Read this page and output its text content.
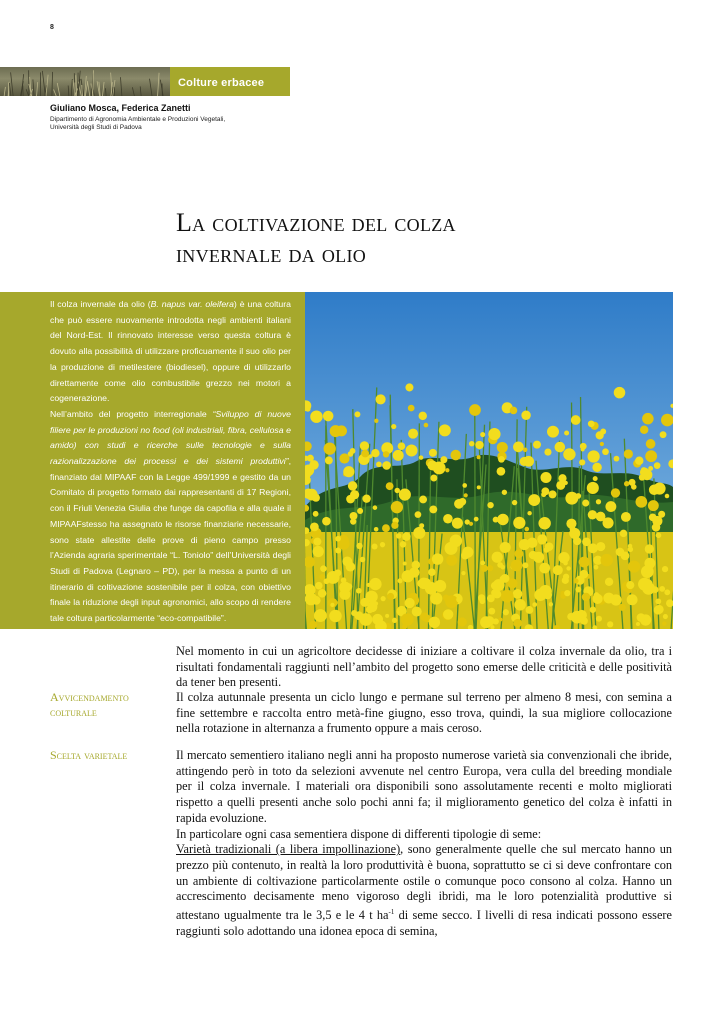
8
Colture erbacee
Giuliano Mosca, Federica Zanetti
Dipartimento di Agronomia Ambientale e Produzioni Vegetali,
Università degli Studi di Padova
La coltivazione del colza
invernale da olio

Il colza invernale da olio (B. napus var. oleifera) è una coltura che può essere nuovamente introdotta negli ambienti italiani del Nord-Est. Il rinnovato interesse verso questa coltura è dovuto alla possibilità di utilizzare proficuamente il suo olio per la produzione di metilestere (biodiesel), oppure di utilizzarlo direttamente come olio combustibile grezzo nei motori a cogenerazione.

Nell’ambito del progetto interregionale “Sviluppo di nuove filiere per le produzioni no food (oli industriali, fibra, cellulosa e amido) con studi e ricerche sulle tecnologie e sulla razionalizzazione dei processi e dei sistemi produttivi”, finanziato dal MIPAAF con la Legge 499/1999 e gestito da un Comitato di progetto formato dai rappresentanti di 17 Regioni, con il Friuli Venezia Giulia che funge da capofila e alla quale il MIPAAFstesso ha assegnato le risorse finanziarie necessarie, sono state allestite delle prove di pieno campo presso l’Azienda agraria sperimentale “L. Toniolo” dell’Università degli Studi di Padova (Legnaro – PD), per la messa a punto di un itinerario di coltivazione sostenibile per il colza, con obiettivo finale la riduzione degli input agronomici, allo scopo di rendere tale coltura particolarmente “eco-compatibile”.

Nel momento in cui un agricoltore decidesse di iniziare a coltivare il colza invernale da olio, tra i risultati fondamentali raggiunti nell’ambito del progetto sono emerse delle criticità e delle positività da tener ben presenti.

Avvicendamento
colturale

Il colza autunnale presenta un ciclo lungo e permane sul terreno per almeno 8 mesi, con semina a fine settembre e raccolta entro metà-fine giugno, esso trova, quindi, la sua migliore collocazione nella rotazione in alternanza a frumento oppure a mais ceroso.

Scelta varietale	Il mercato sementiero italiano negli anni ha proposto numerose varietà sia convenzionali che ibride, attingendo però in toto da selezioni avvenute nel centro Europa, vera culla del breeding mondiale per il colza invernale. I materiali ora disponibili sono assolutamente recenti e molto migliorati rispetto a quelli presenti anche solo pochi anni fa; il miglioramento genetico del colza è infatti in rapida evoluzione.

In particolare ogni casa sementiera dispone di differenti tipologie di seme:

Varietà tradizionali (a libera impollinazione), sono generalmente quelle che sul mercato hanno un prezzo più contenuto, in realtà la loro produttività è buona, soprattutto se ci si deve confrontare con un ambiente di coltivazione particolarmente ostile o comunque poco consono al colza. Hanno un accrescimento decisamente meno vigoroso degli ibridi, ma le loro potenzialità produttive si attestano ugualmente tra le 3,5 e le 4 t $ha^{-1}$ di seme secco. I livelli di resa indicati possono essere raggiunti solo adottando una idonea epoca di semina,
